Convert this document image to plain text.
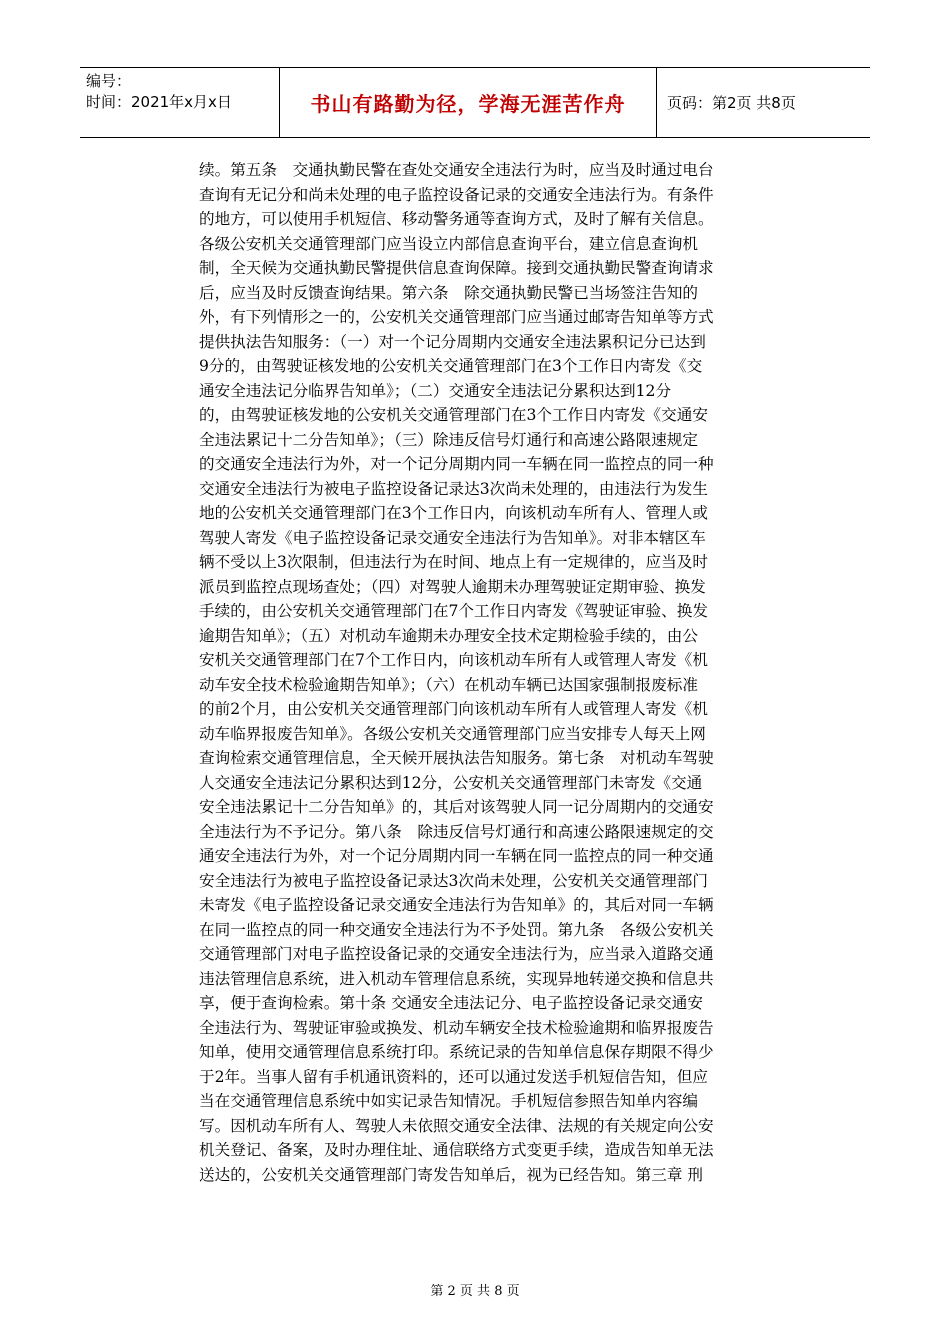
编号：
时间：2021年x月x日	书山有路勤为径，学海无涯苦作舟	页码：第2页 共8页
续。第五条　交通执勤民警在查处交通安全违法行为时，应当及时通过电台
查询有无记分和尚未处理的电子监控设备记录的交通安全违法行为。有条件
的地方，可以使用手机短信、移动警务通等查询方式，及时了解有关信息。
各级公安机关交通管理部门应当设立内部信息查询平台，建立信息查询机
制，全天候为交通执勤民警提供信息查询保障。接到交通执勤民警查询请求
后，应当及时反馈查询结果。第六条　除交通执勤民警已当场签注告知的
外，有下列情形之一的，公安机关交通管理部门应当通过邮寄告知单等方式
提供执法告知服务：（一）对一个记分周期内交通安全违法累积记分已达到
9分的，由驾驶证核发地的公安机关交通管理部门在3个工作日内寄发《交
通安全违法记分临界告知单》；（二）交通安全违法记分累积达到12分
的，由驾驶证核发地的公安机关交通管理部门在3个工作日内寄发《交通安
全违法累记十二分告知单》；（三）除违反信号灯通行和高速公路限速规定
的交通安全违法行为外，对一个记分周期内同一车辆在同一监控点的同一种
交通安全违法行为被电子监控设备记录达3次尚未处理的，由违法行为发生
地的公安机关交通管理部门在3个工作日内，向该机动车所有人、管理人或
驾驶人寄发《电子监控设备记录交通安全违法行为告知单》。对非本辖区车
辆不受以上3次限制，但违法行为在时间、地点上有一定规律的，应当及时
派员到监控点现场查处；（四）对驾驶人逾期未办理驾驶证定期审验、换发
手续的，由公安机关交通管理部门在7个工作日内寄发《驾驶证审验、换发
逾期告知单》；（五）对机动车逾期未办理安全技术定期检验手续的，由公
安机关交通管理部门在7个工作日内，向该机动车所有人或管理人寄发《机
动车安全技术检验逾期告知单》；（六）在机动车辆已达国家强制报废标准
的前2个月，由公安机关交通管理部门向该机动车所有人或管理人寄发《机
动车临界报废告知单》。各级公安机关交通管理部门应当安排专人每天上网
查询检索交通管理信息，全天候开展执法告知服务。第七条　对机动车驾驶
人交通安全违法记分累积达到12分，公安机关交通管理部门未寄发《交通
安全违法累记十二分告知单》的，其后对该驾驶人同一记分周期内的交通安
全违法行为不予记分。第八条　除违反信号灯通行和高速公路限速规定的交
通安全违法行为外，对一个记分周期内同一车辆在同一监控点的同一种交通
安全违法行为被电子监控设备记录达3次尚未处理，公安机关交通管理部门
未寄发《电子监控设备记录交通安全违法行为告知单》的，其后对同一车辆
在同一监控点的同一种交通安全违法行为不予处罚。第九条　各级公安机关
交通管理部门对电子监控设备记录的交通安全违法行为，应当录入道路交通
违法管理信息系统，进入机动车管理信息系统，实现异地转递交换和信息共
享，便于查询检索。第十条 交通安全违法记分、电子监控设备记录交通安
全违法行为、驾驶证审验或换发、机动车辆安全技术检验逾期和临界报废告
知单，使用交通管理信息系统打印。系统记录的告知单信息保存期限不得少
于2年。当事人留有手机通讯资料的，还可以通过发送手机短信告知，但应
当在交通管理信息系统中如实记录告知情况。手机短信参照告知单内容编
写。因机动车所有人、驾驶人未依照交通安全法律、法规的有关规定向公安
机关登记、备案，及时办理住址、通信联络方式变更手续，造成告知单无法
送达的，公安机关交通管理部门寄发告知单后，视为已经告知。第三章 刑
第 2 页 共 8 页
